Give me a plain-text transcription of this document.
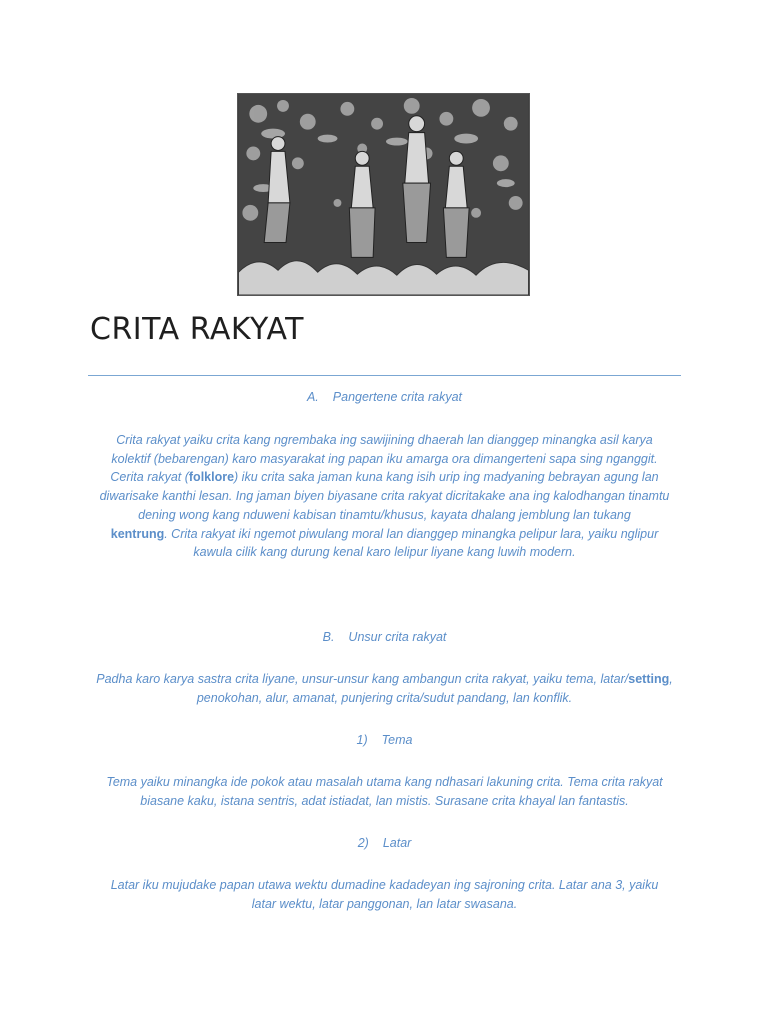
CRITA RAKYAT
A. Pangertene crita rakyat
Crita rakyat yaiku crita kang ngrembaka ing sawijining dhaerah lan dianggep minangka asil karya
kolektif (bebarengan) karo masyarakat ing papan iku amarga ora dimangerteni sapa sing nganggit.
Cerita rakyat (folklore) iku crita saka jaman kuna kang isih urip ing madyaning bebrayan agung lan
diwarisake kanthi lesan. Ing jaman biyen biyasane crita rakyat dicritakake ana ing kalodhangan tinamtu
dening wong kang nduweni kabisan tinamtu/khusus, kayata dhalang jemblung lan tukang
kentrung. Crita rakyat iki ngemot piwulang moral lan dianggep minangka pelipur lara, yaiku nglipur
kawula cilik kang durung kenal karo lelipur liyane kang luwih modern.
B. Unsur crita rakyat
Padha karo karya sastra crita liyane, unsur-unsur kang ambangun crita rakyat, yaiku tema, latar/setting,
penokohan, alur, amanat, punjering crita/sudut pandang, lan konflik.
1) Tema
Tema yaiku minangka ide pokok atau masalah utama kang ndhasari lakuning crita. Tema crita rakyat
biasane kaku, istana sentris, adat istiadat, lan mistis. Surasane crita khayal lan fantastis.
2) Latar
Latar iku mujudake papan utawa wektu dumadine kadadeyan ing sajroning crita. Latar ana 3, yaiku
latar wektu, latar panggonan, lan latar swasana.
